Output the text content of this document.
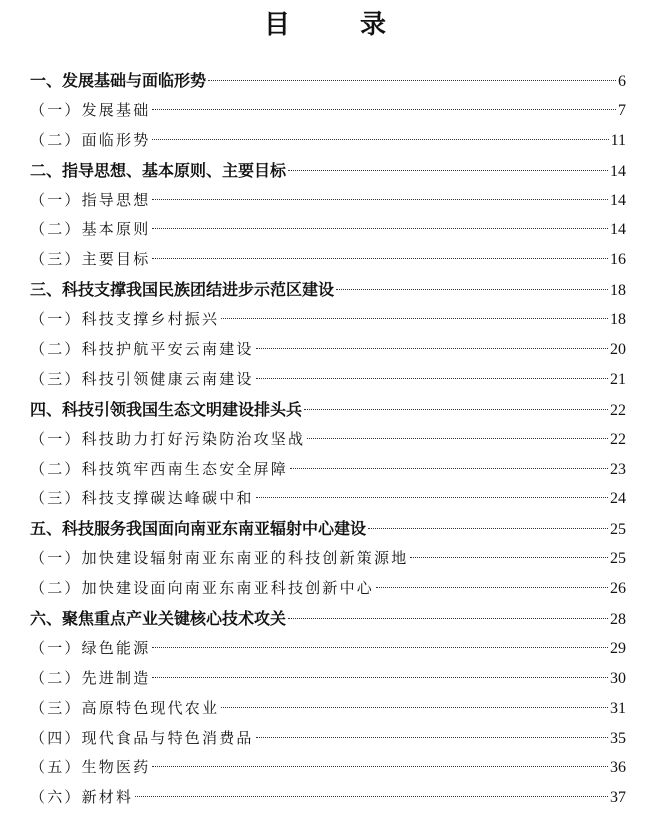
目　录
一、发展基础与面临形势	6
（一）发展基础	7
（二）面临形势	11
二、指导思想、基本原则、主要目标	14
（一）指导思想	14
（二）基本原则	14
（三）主要目标	16
三、科技支撑我国民族团结进步示范区建设	18
（一）科技支撑乡村振兴	18
（二）科技护航平安云南建设	20
（三）科技引领健康云南建设	21
四、科技引领我国生态文明建设排头兵	22
（一）科技助力打好污染防治攻坚战	22
（二）科技筑牢西南生态安全屏障	23
（三）科技支撑碳达峰碳中和	24
五、科技服务我国面向南亚东南亚辐射中心建设	25
（一）加快建设辐射南亚东南亚的科技创新策源地	25
（二）加快建设面向南亚东南亚科技创新中心	26
六、聚焦重点产业关键核心技术攻关	28
（一）绿色能源	29
（二）先进制造	30
（三）高原特色现代农业	31
（四）现代食品与特色消费品	35
（五）生物医药	36
（六）新材料	37
